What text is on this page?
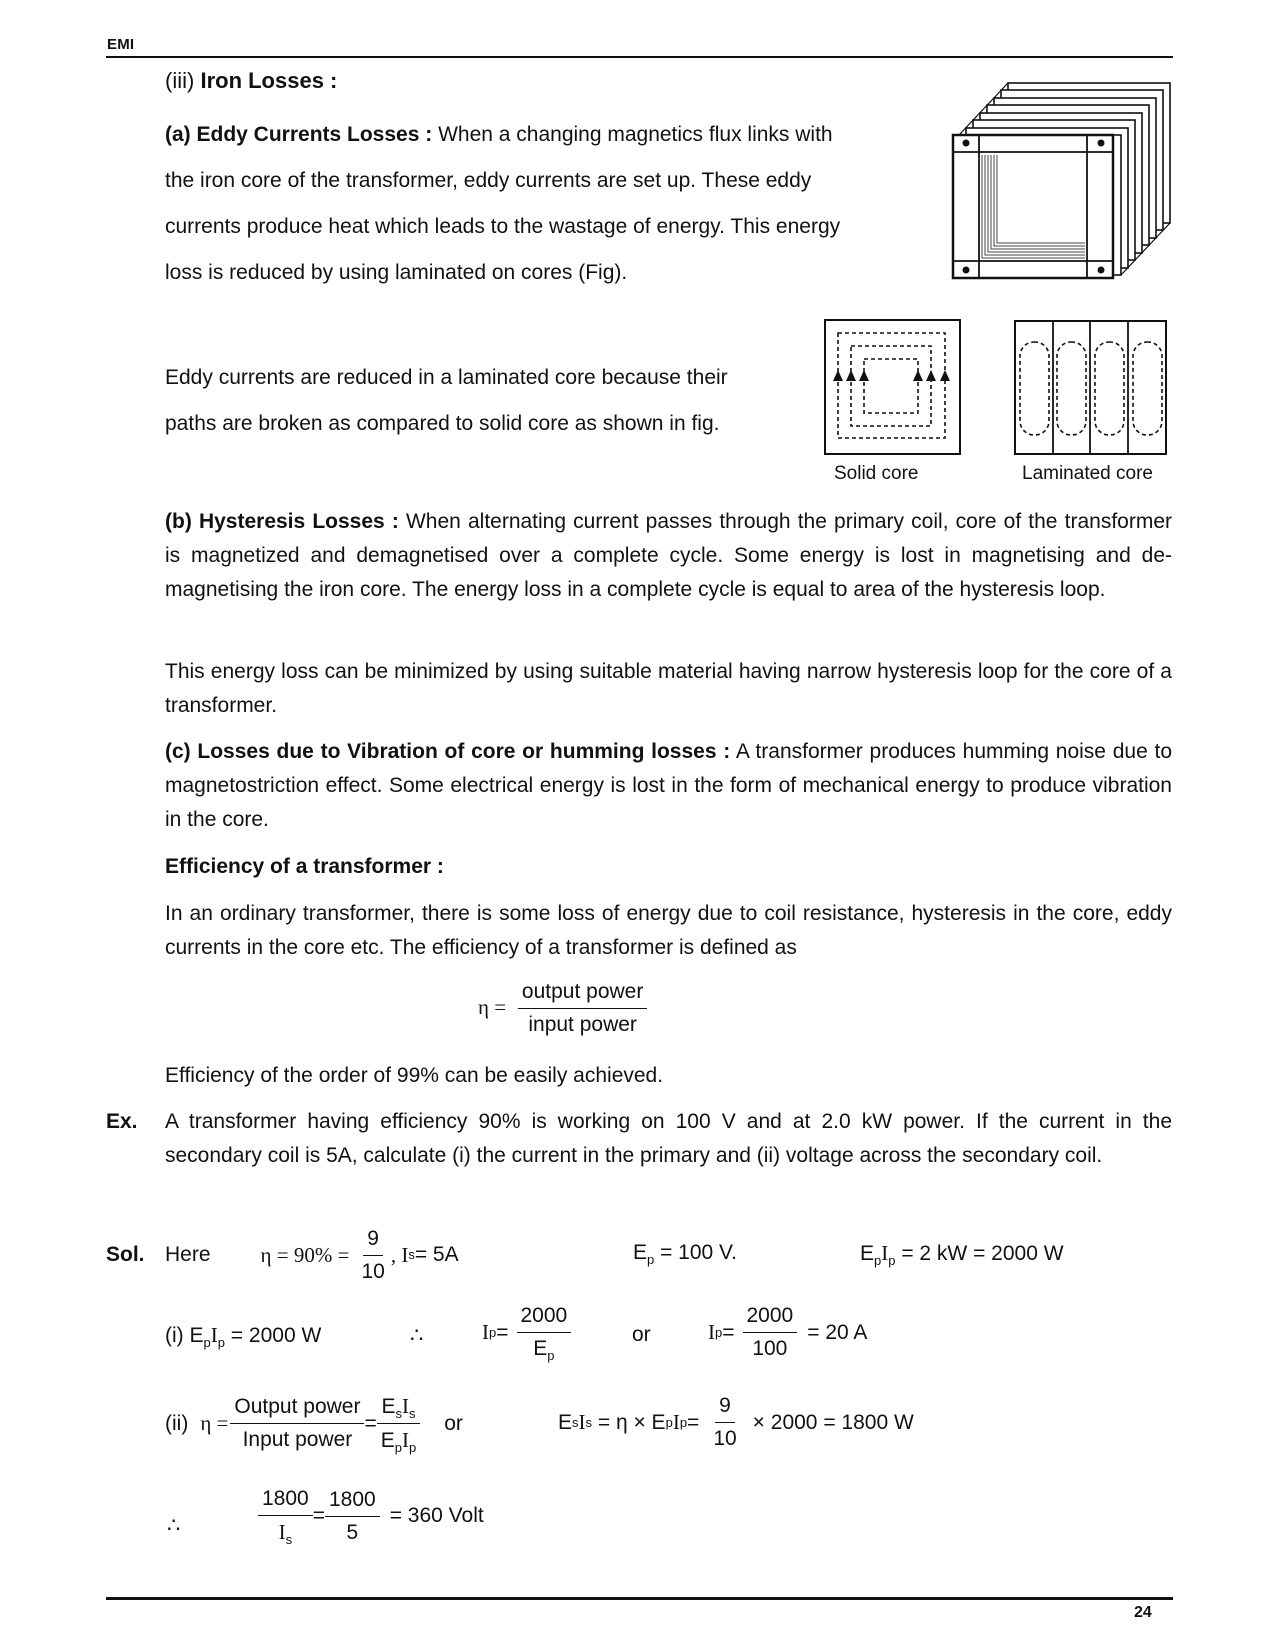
EMI
(iii) Iron Losses :
(a) Eddy Currents Losses : When a changing magnetics flux links with
the iron core of the transformer, eddy currents are set up. These eddy
currents produce heat which leads to the wastage of energy. This energy
loss is reduced by using laminated on cores (Fig).
Eddy currents are reduced in a laminated core because their
paths are broken as compared to solid core as shown in fig.
Solid core	Laminated core
(b) Hysteresis Losses : When alternating current passes through the primary coil, core of the transformer is magnetized and demagnetised over a complete cycle. Some energy is lost in magnetising and de-magnetising the iron core. The energy loss in a complete cycle is equal to area of the hysteresis loop.
This energy loss can be minimized by using suitable material having narrow hysteresis loop for the core of a transformer.
(c) Losses due to Vibration of core or humming losses : A transformer produces humming noise due to magnetostriction effect. Some electrical energy is lost in the form of mechanical energy to produce vibration in the core.
Efficiency of a transformer :
In an ordinary transformer, there is some loss of energy due to coil resistance, hysteresis in the core, eddy currents in the core etc. The efficiency of a transformer is defined as
$\eta = \frac{\text{output power}}{\text{input power}}$
Efficiency of the order of 99% can be easily achieved.
Ex. A transformer having efficiency 90% is working on 100 V and at 2.0 kW power. If the current in the secondary coil is 5A, calculate (i) the current in the primary and (ii) voltage across the secondary coil.
Sol. Here $\eta = 90\% = \frac{9}{10}$ , I s = 5A	$E_p = 100$ V.	$E_pI_p = 2$ kW = 2000 W
(i) $E_pI_p = 2000$ W	∴	I $p = \frac{2000}{E_p}$	or	I $p = \frac{2000}{100} = 20$ A
(ii) $\eta = \frac{\text{Output power}}{\text{Input power}} = \frac{E_sI_s}{E_pI_p}$ or	E s I s = η × E p I $p = \frac{9}{10} \times 2000 = 1800$ W
∴	$\frac{1800}{I_s} = \frac{1800}{5} = 360$ Volt
24
